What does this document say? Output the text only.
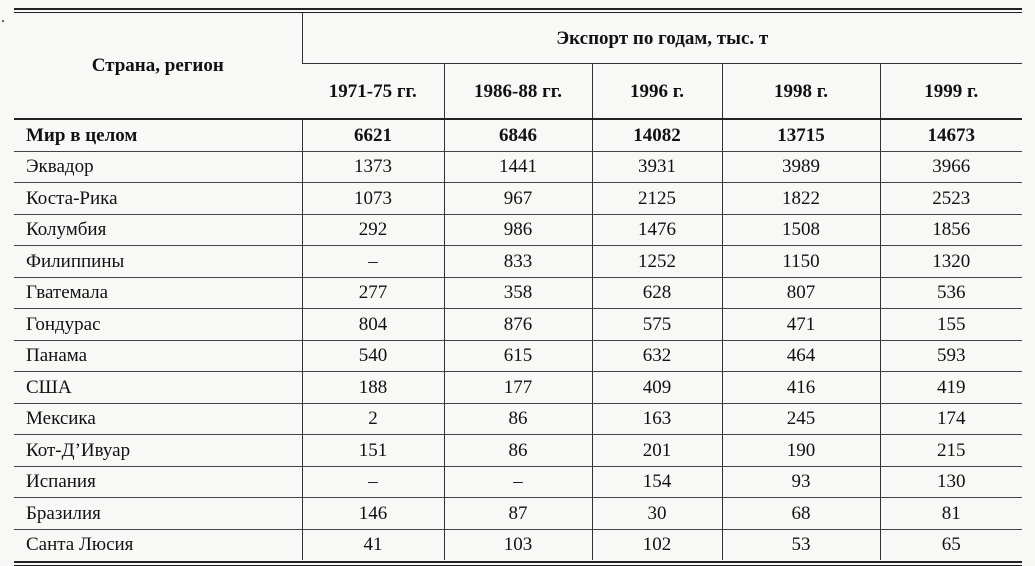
Страна, регион	Экспорт по годам, тыс. т				
	1971-75 гг.	1986-88 гг.	1996 г.	1998 г.	1999 г.
Мир в целом	6621	6846	14082	13715	14673
Эквадор	1373	1441	3931	3989	3966
Коста-Рика	1073	967	2125	1822	2523
Колумбия	292	986	1476	1508	1856
Филиппины	–	833	1252	1150	1320
Гватемала	277	358	628	807	536
Гондурас	804	876	575	471	155
Панама	540	615	632	464	593
США	188	177	409	416	419
Мексика	2	86	163	245	174
Кот-Д’Ивуар	151	86	201	190	215
Испания	–	–	154	93	130
Бразилия	146	87	30	68	81
Санта Люсия	41	103	102	53	65
